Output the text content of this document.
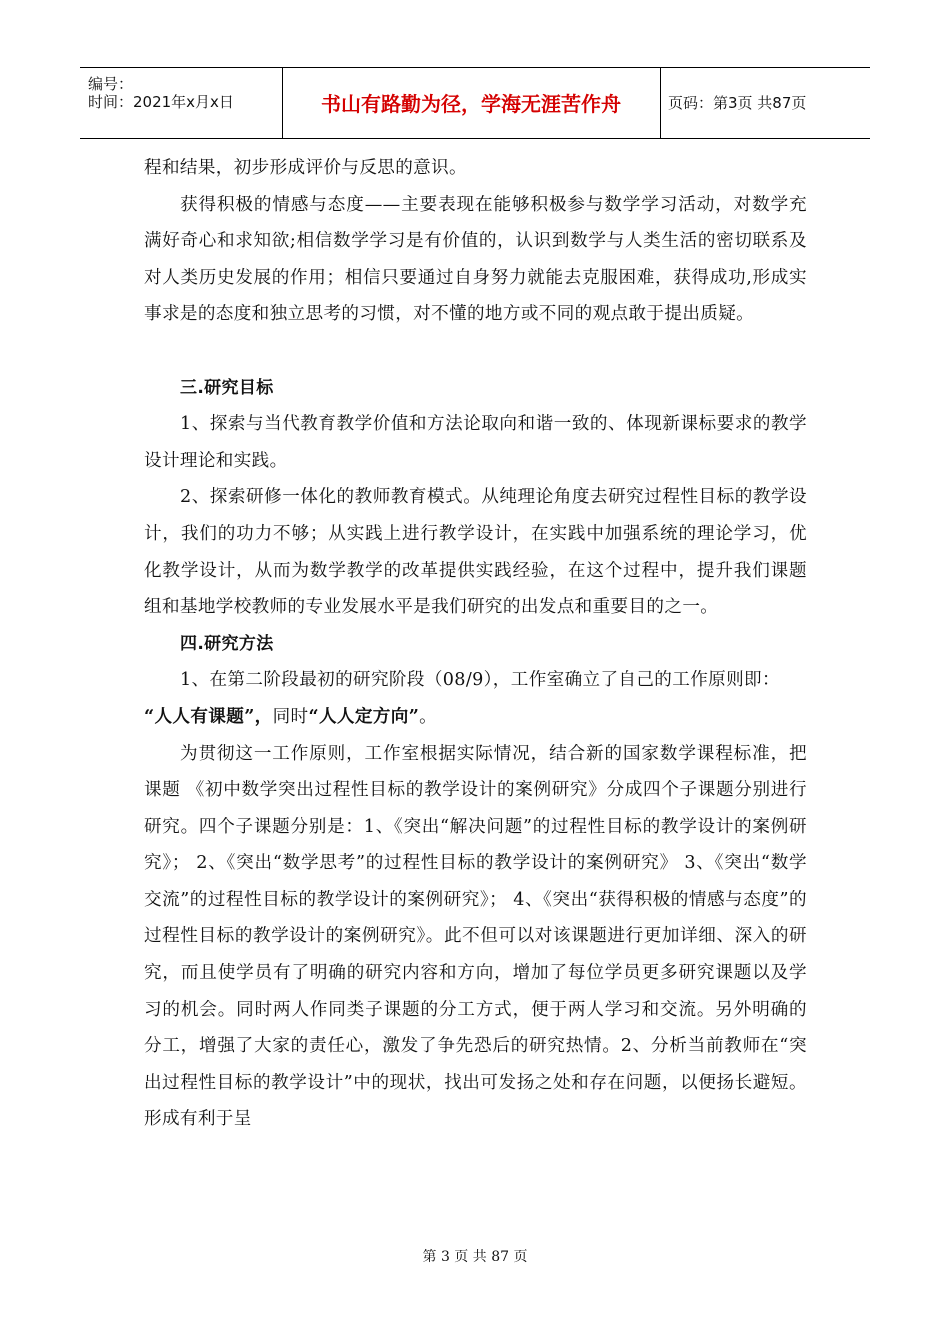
编号：
时间：2021年x月x日	书山有路勤为径，学海无涯苦作舟	页码：第3页 共87页

程和结果，初步形成评价与反思的意识。

获得积极的情感与态度——主要表现在能够积极参与数学学习活动，对数学充满好奇心和求知欲;相信数学学习是有价值的，认识到数学与人类生活的密切联系及对人类历史发展的作用；相信只要通过自身努力就能去克服困难，获得成功,形成实事求是的态度和独立思考的习惯，对不懂的地方或不同的观点敢于提出质疑。

三.研究目标

1、探索与当代教育教学价值和方法论取向和谐一致的、体现新课标要求的教学设计理论和实践。

2、探索研修一体化的教师教育模式。从纯理论角度去研究过程性目标的教学设计，我们的功力不够；从实践上进行教学设计，在实践中加强系统的理论学习，优化教学设计，从而为数学教学的改革提供实践经验，在这个过程中，提升我们课题组和基地学校教师的专业发展水平是我们研究的出发点和重要目的之一。

四.研究方法

1、在第二阶段最初的研究阶段（08/9），工作室确立了自己的工作原则即：

“人人有课题”，同时“人人定方向”。

为贯彻这一工作原则，工作室根据实际情况，结合新的国家数学课程标准，把课题 《初中数学突出过程性目标的教学设计的案例研究》分成四个子课题分别进行研究。四个子课题分别是：1、《突出“解决问题”的过程性目标的教学设计的案例研究》； 2、《突出“数学思考”的过程性目标的教学设计的案例研究》 3、《突出“数学交流”的过程性目标的教学设计的案例研究》； 4、《突出“获得积极的情感与态度”的过程性目标的教学设计的案例研究》。此不但可以对该课题进行更加详细、深入的研究，而且使学员有了明确的研究内容和方向，增加了每位学员更多研究课题以及学习的机会。同时两人作同类子课题的分工方式，便于两人学习和交流。另外明确的分工，增强了大家的责任心，激发了争先恐后的研究热情。2、分析当前教师在“突出过程性目标的教学设计”中的现状，找出可发扬之处和存在问题，以便扬长避短。形成有利于呈

第 3 页 共 87 页
